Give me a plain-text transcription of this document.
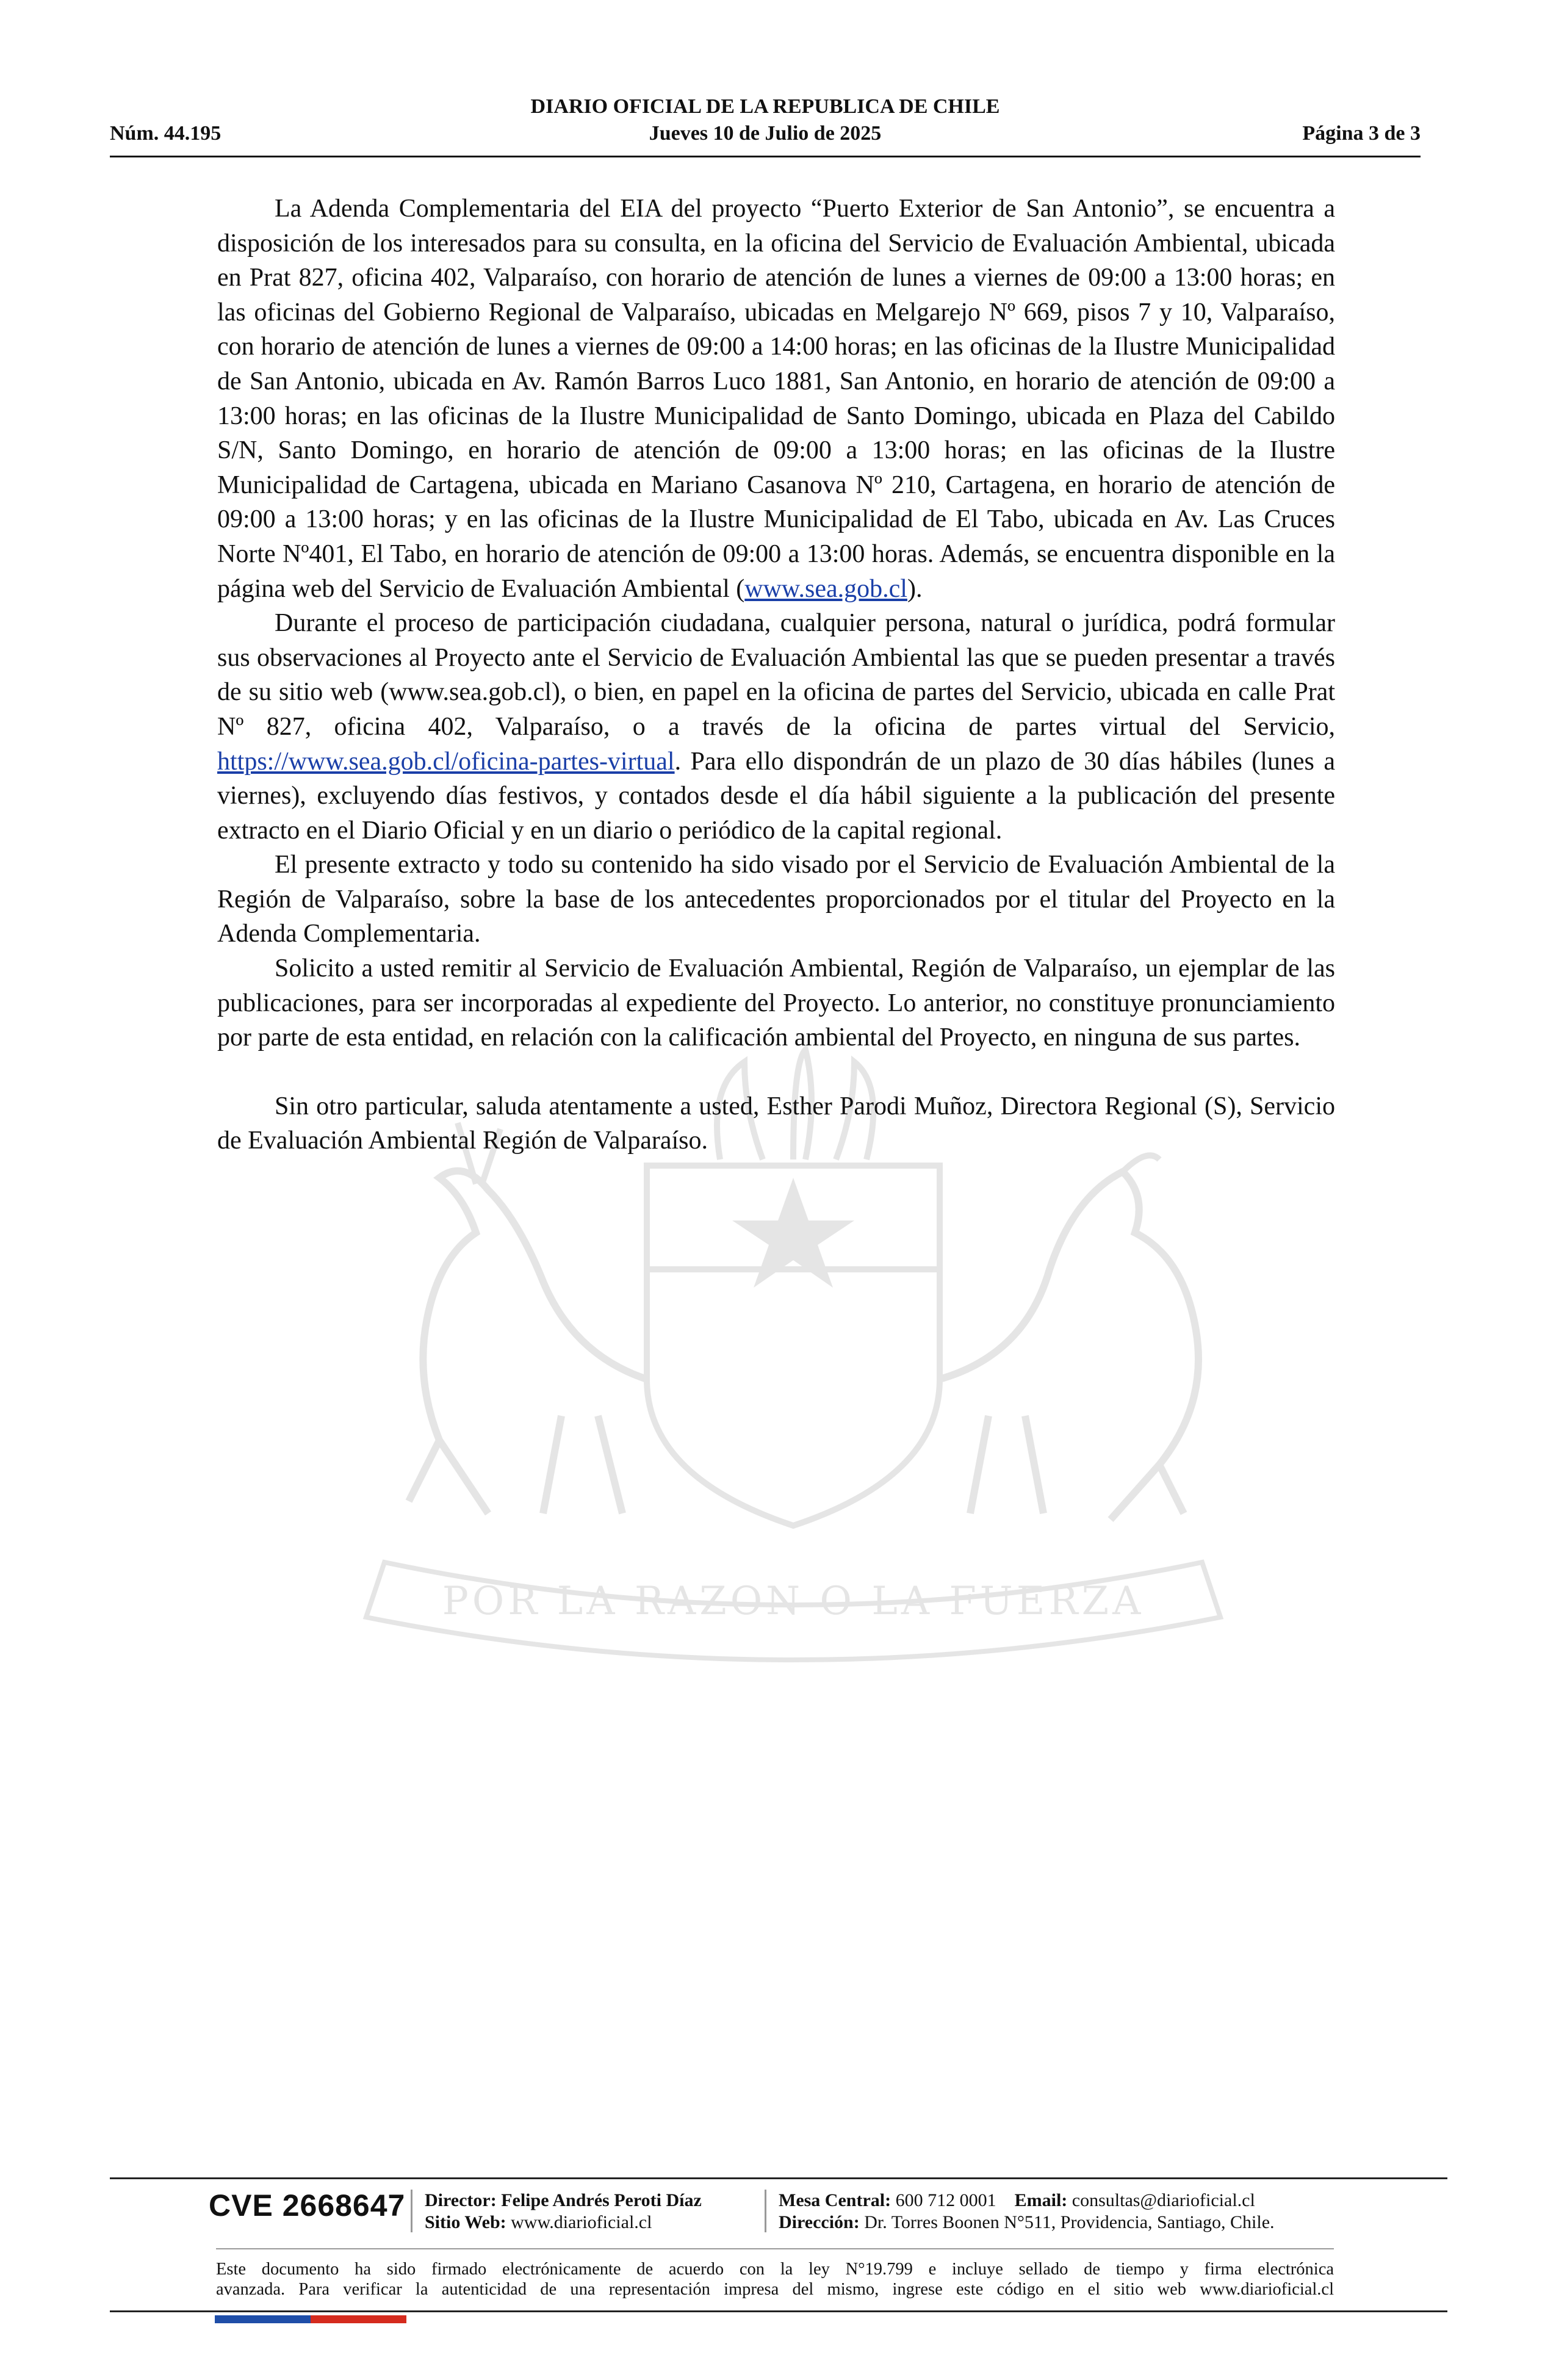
DIARIO OFICIAL DE LA REPUBLICA DE CHILE
Núm. 44.195	Jueves 10 de Julio de 2025	Página 3 de 3
POR LA RAZON O LA FUERZA

La Adenda Complementaria del EIA del proyecto “Puerto Exterior de San Antonio”, se encuentra a disposición de los interesados para su consulta, en la oficina del Servicio de Evaluación Ambiental, ubicada en Prat 827, oficina 402, Valparaíso, con horario de atención de lunes a viernes de 09:00 a 13:00 horas; en las oficinas del Gobierno Regional de Valparaíso, ubicadas en Melgarejo Nº 669, pisos 7 y 10, Valparaíso, con horario de atención de lunes a viernes de 09:00 a 14:00 horas; en las oficinas de la Ilustre Municipalidad de San Antonio, ubicada en Av. Ramón Barros Luco 1881, San Antonio, en horario de atención de 09:00 a 13:00 horas; en las oficinas de la Ilustre Municipalidad de Santo Domingo, ubicada en Plaza del Cabildo S/N, Santo Domingo, en horario de atención de 09:00 a 13:00 horas; en las oficinas de la Ilustre Municipalidad de Cartagena, ubicada en Mariano Casanova Nº 210, Cartagena, en horario de atención de 09:00 a 13:00 horas; y en las oficinas de la Ilustre Municipalidad de El Tabo, ubicada en Av. Las Cruces Norte Nº401, El Tabo, en horario de atención de 09:00 a 13:00 horas. Además, se encuentra disponible en la página web del Servicio de Evaluación Ambiental (www.sea.gob.cl).

Durante el proceso de participación ciudadana, cualquier persona, natural o jurídica, podrá formular sus observaciones al Proyecto ante el Servicio de Evaluación Ambiental las que se pueden presentar a través de su sitio web (www.sea.gob.cl), o bien, en papel en la oficina de partes del Servicio, ubicada en calle Prat Nº 827, oficina 402, Valparaíso, o a través de la oficina de partes virtual del Servicio, https://www.sea.gob.cl/oficina-partes-virtual. Para ello dispondrán de un plazo de 30 días hábiles (lunes a viernes), excluyendo días festivos, y contados desde el día hábil siguiente a la publicación del presente extracto en el Diario Oficial y en un diario o periódico de la capital regional.

El presente extracto y todo su contenido ha sido visado por el Servicio de Evaluación Ambiental de la Región de Valparaíso, sobre la base de los antecedentes proporcionados por el titular del Proyecto en la Adenda Complementaria.

Solicito a usted remitir al Servicio de Evaluación Ambiental, Región de Valparaíso, un ejemplar de las publicaciones, para ser incorporadas al expediente del Proyecto. Lo anterior, no constituye pronunciamiento por parte de esta entidad, en relación con la calificación ambiental del Proyecto, en ninguna de sus partes.

Sin otro particular, saluda atentamente a usted, Esther Parodi Muñoz, Directora Regional (S), Servicio de Evaluación Ambiental Región de Valparaíso.

CVE 2668647 Director: Felipe Andrés Peroti Díaz
Sitio Web: www.diarioficial.cl
Mesa Central: 600 712 0001 Email: consultas@diarioficial.cl
Dirección: Dr. Torres Boonen N°511, Providencia, Santiago, Chile.
Este documento ha sido firmado electrónicamente de acuerdo con la ley N°19.799 e incluye sellado de tiempo y firma electrónica
avanzada. Para verificar la autenticidad de una representación impresa del mismo, ingrese este código en el sitio web www.diarioficial.cl
